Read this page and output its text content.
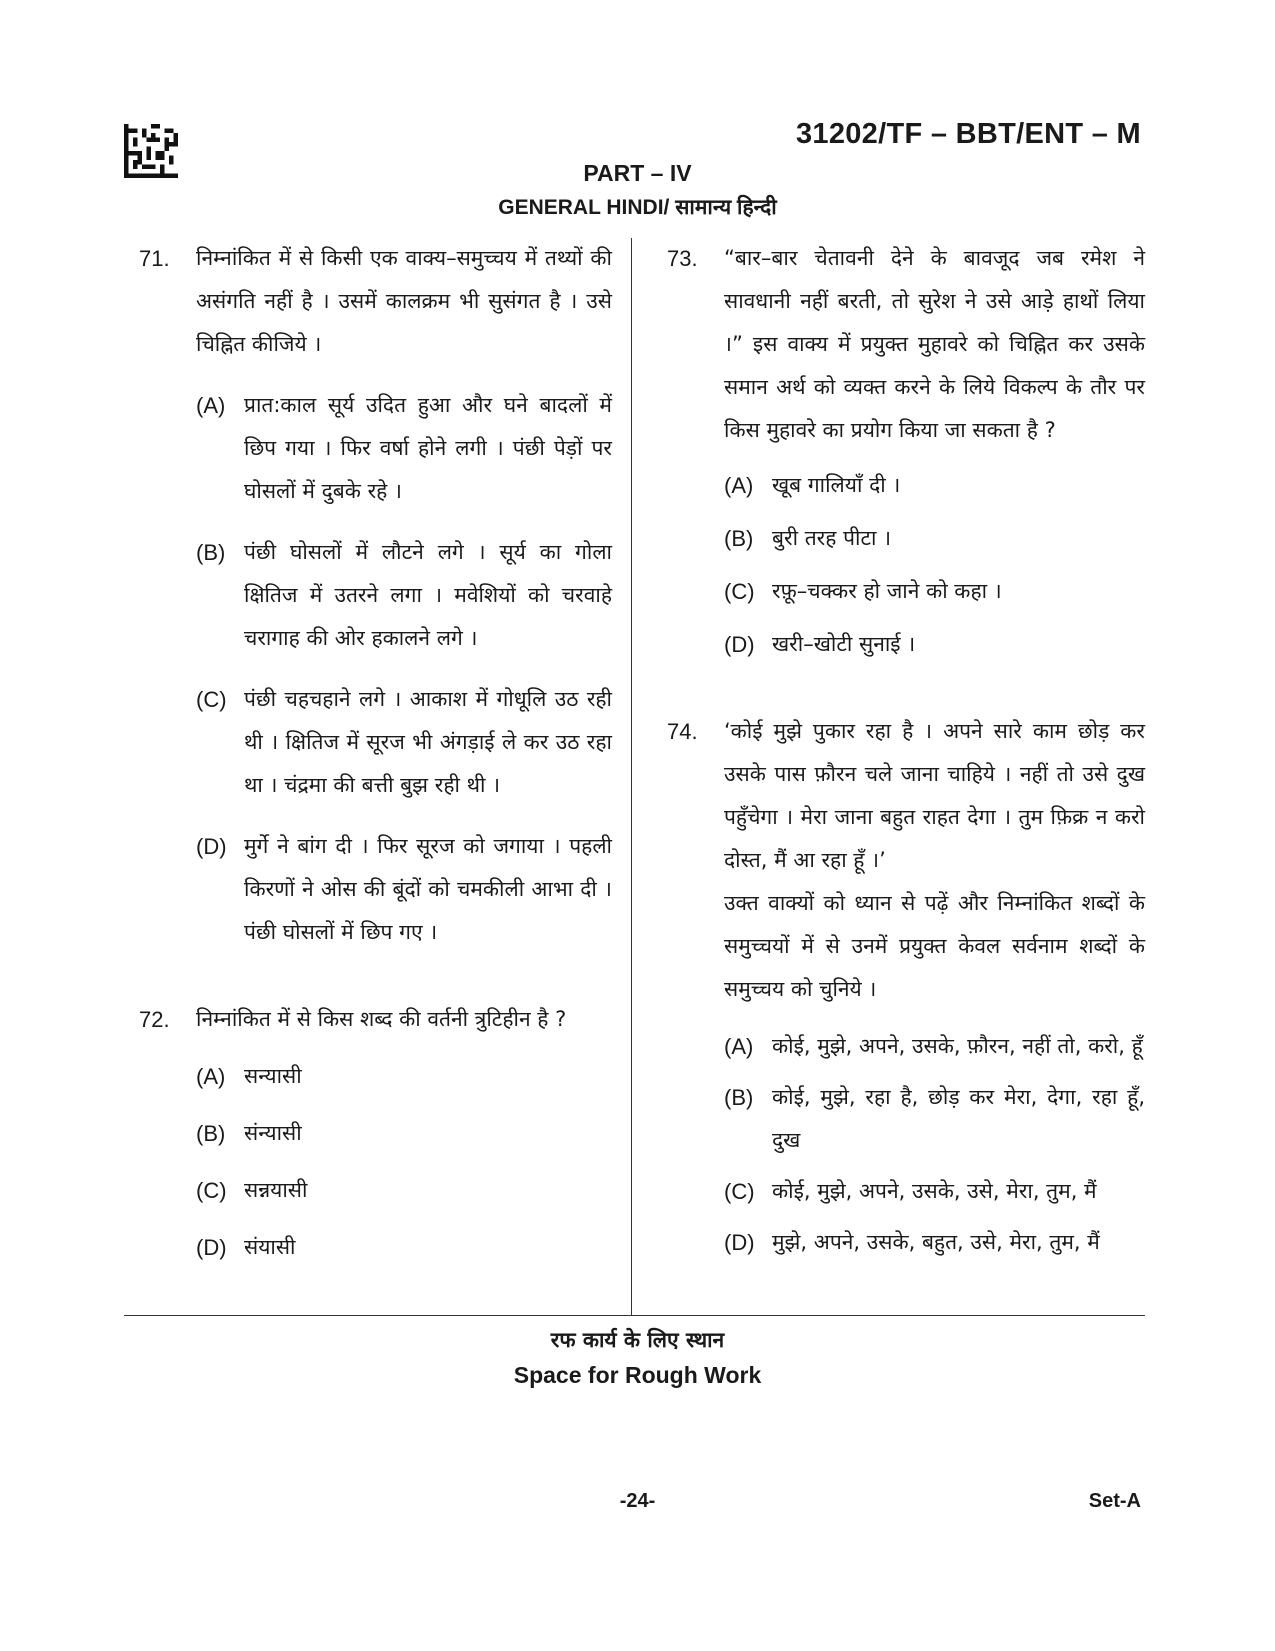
31202/TF – BBT/ENT – M
PART – IV
GENERAL HINDI/ सामान्य हिन्दी
71.	निम्नांकित में से किसी एक वाक्य–समुच्चय में तथ्यों की असंगति नहीं है । उसमें कालक्रम भी सुसंगत है । उसे चिह्नित कीजिये ।
(A) प्रात:काल सूर्य उदित हुआ और घने बादलों में छिप गया । फिर वर्षा होने लगी । पंछी पेड़ों पर घोसलों में दुबके रहे ।
(B) पंछी घोसलों में लौटने लगे । सूर्य का गोला क्षितिज में उतरने लगा । मवेशियों को चरवाहे चरागाह की ओर हकालने लगे ।
(C) पंछी चहचहाने लगे । आकाश में गोधूलि उठ रही थी । क्षितिज में सूरज भी अंगड़ाई ले कर उठ रहा था । चंद्रमा की बत्ती बुझ रही थी ।
(D) मुर्गे ने बांग दी । फिर सूरज को जगाया । पहली किरणों ने ओस की बूंदों को चमकीली आभा दी । पंछी घोसलों में छिप गए ।
72.	निम्नांकित में से किस शब्द की वर्तनी त्रुटिहीन है ?
(A) सन्यासी
(B) संन्यासी
(C) सन्नयासी
(D) संयासी
73.	“बार–बार चेतावनी देने के बावजूद जब रमेश ने सावधानी नहीं बरती, तो सुरेश ने उसे आड़े हाथों लिया ।” इस वाक्य में प्रयुक्त मुहावरे को चिह्नित कर उसके समान अर्थ को व्यक्त करने के लिये विकल्प के तौर पर किस मुहावरे का प्रयोग किया जा सकता है ?
(A) खूब गालियाँ दी ।
(B) बुरी तरह पीटा ।
(C) रफ़ू–चक्कर हो जाने को कहा ।
(D) खरी–खोटी सुनाई ।
74.	‘कोई मुझे पुकार रहा है । अपने सारे काम छोड़ कर उसके पास फ़ौरन चले जाना चाहिये । नहीं तो उसे दुख पहुँचेगा । मेरा जाना बहुत राहत देगा । तुम फ़िक्र न करो दोस्त, मैं आ रहा हूँ ।’
उक्त वाक्यों को ध्यान से पढ़ें और निम्नांकित शब्दों के समुच्चयों में से उनमें प्रयुक्त केवल सर्वनाम शब्दों के समुच्चय को चुनिये ।
(A) कोई, मुझे, अपने, उसके, फ़ौरन, नहीं तो, करो, हूँ
(B) कोई, मुझे, रहा है, छोड़ कर मेरा, देगा, रहा हूँ, दुख
(C) कोई, मुझे, अपने, उसके, उसे, मेरा, तुम, मैं
(D) मुझे, अपने, उसके, बहुत, उसे, मेरा, तुम, मैं
रफ कार्य के लिए स्थान
Space for Rough Work
-24-	Set-A
